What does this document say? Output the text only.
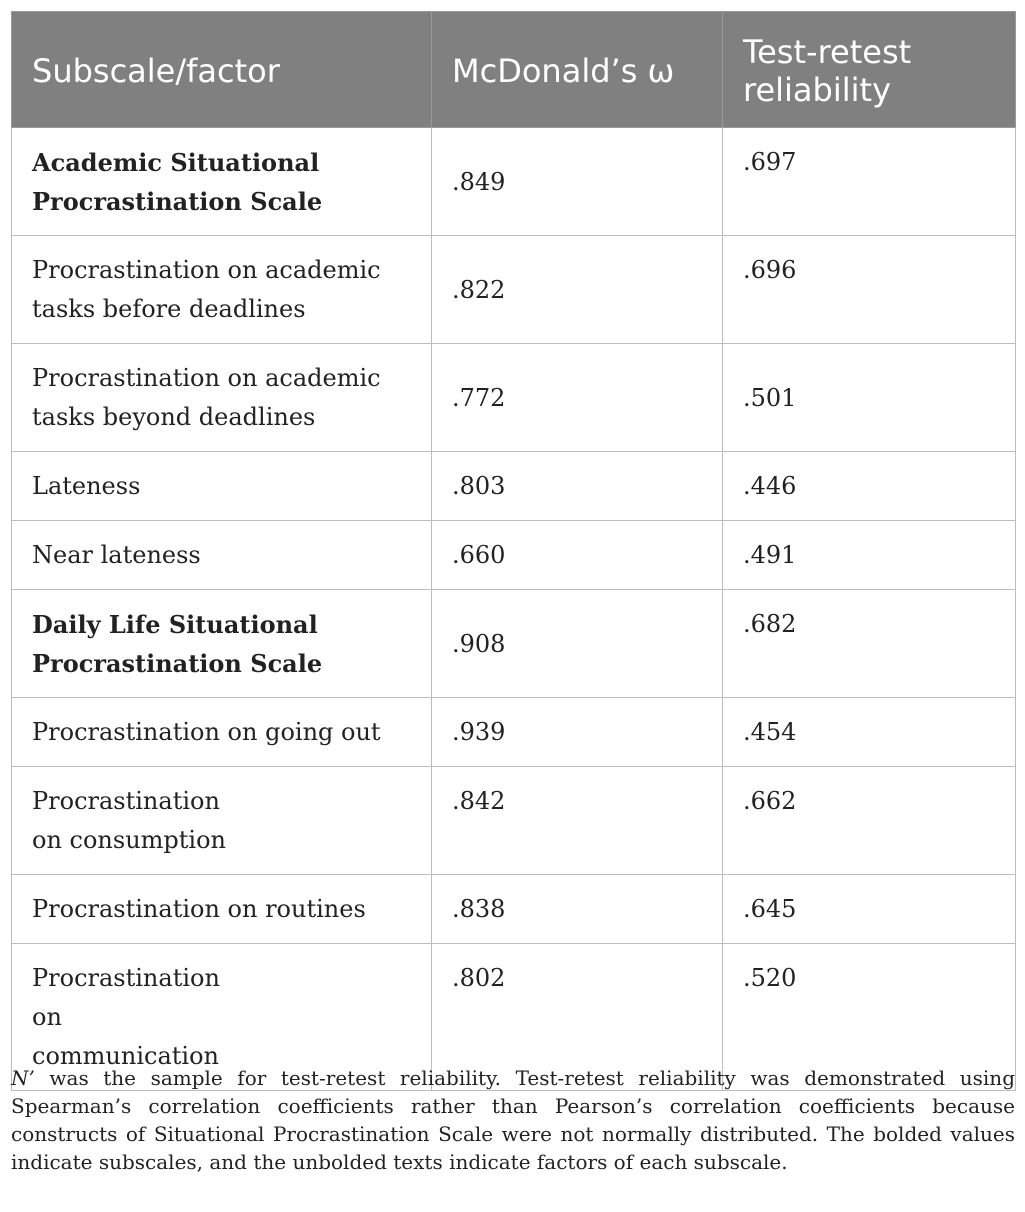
Subscale/factor	McDonald’s ω	Test-retest reliability
Academic Situational Procrastination Scale	.849	.697
Procrastination on academic tasks before deadlines	.822	.696
Procrastination on academic tasks beyond deadlines	.772	.501
Lateness	.803	.446
Near lateness	.660	.491
Daily Life Situational Procrastination Scale	.908	.682
Procrastination on going out	.939	.454
Procrastination on consumption	.842	.662
Procrastination on routines	.838	.645
Procrastination on communication	.802	.520

N’ was the sample for test-retest reliability. Test-retest reliability was demonstrated using Spearman’s correlation coefficients rather than Pearson’s correlation coefficients because constructs of Situational Procrastination Scale were not normally distributed. The bolded values indicate subscales, and the unbolded texts indicate factors of each subscale.
